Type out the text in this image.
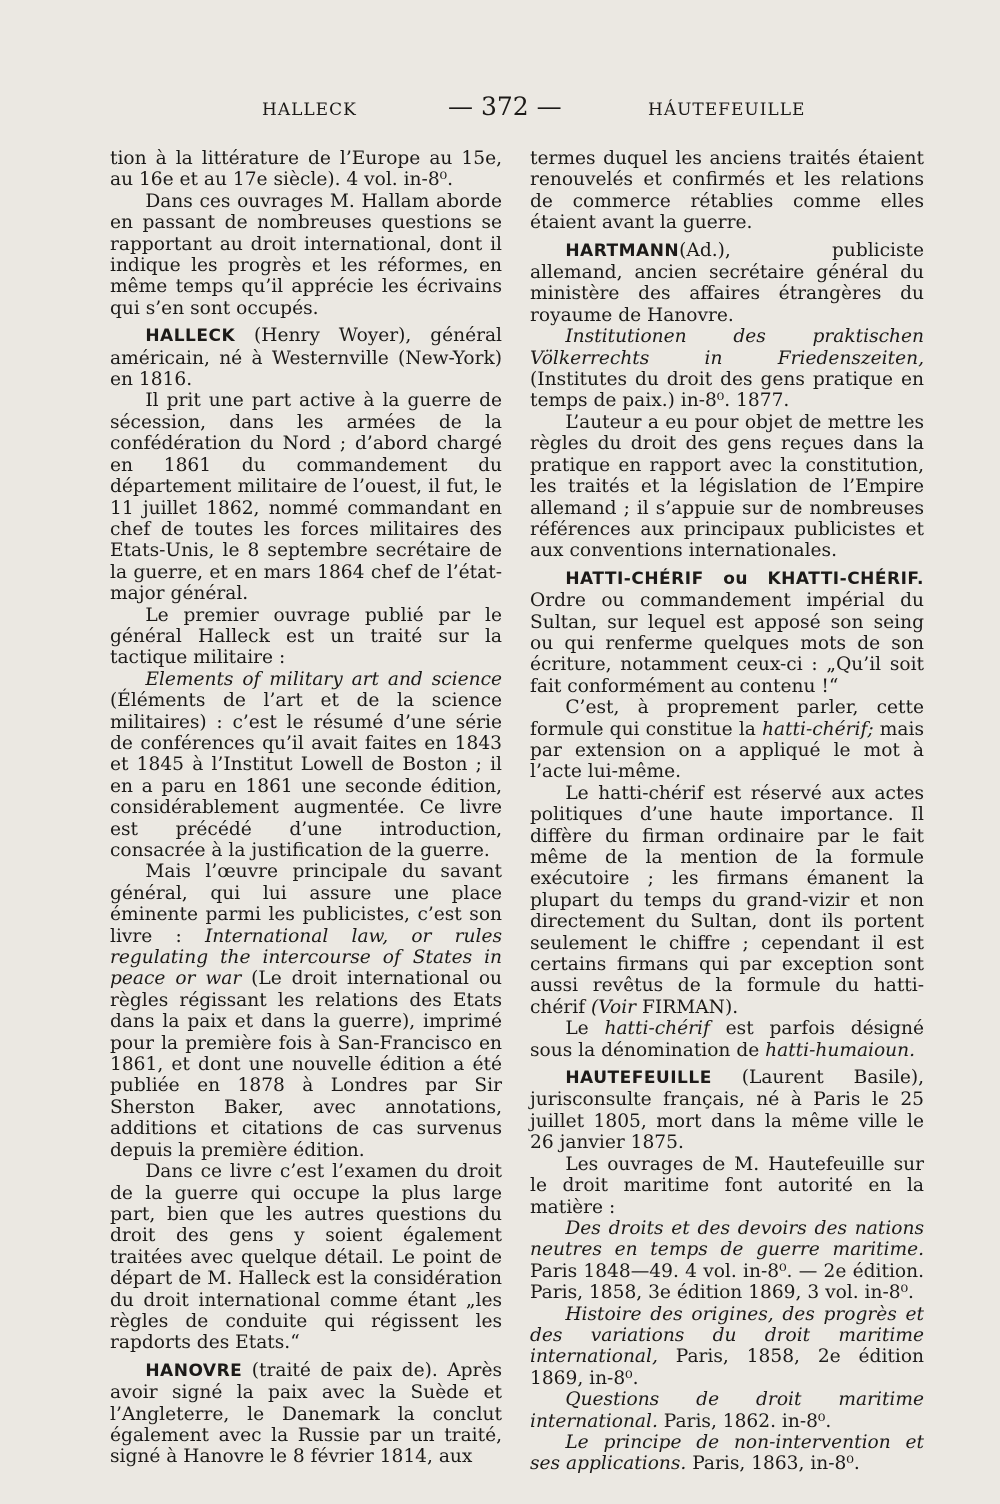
HALLECK	— 372 —	HÁUTEFEUILLE

tion à la littérature de l’Europe au 15e, au 16e et au 17e siècle). 4 vol. in-8⁰.

Dans ces ouvrages M. Hallam aborde en passant de nombreuses questions se rapportant au droit international, dont il indique les progrès et les réformes, en même temps qu’il apprécie les écrivains qui s’en sont occupés.

HALLECK (Henry Woyer), général américain, né à Westernville (New-York) en 1816.

Il prit une part active à la guerre de sécession, dans les armées de la confédération du Nord ; d’abord chargé en 1861 du commandement du département militaire de l’ouest, il fut, le 11 juillet 1862, nommé commandant en chef de toutes les forces militaires des Etats-Unis, le 8 septembre secrétaire de la guerre, et en mars 1864 chef de l’état-major général.

Le premier ouvrage publié par le général Halleck est un traité sur la tactique militaire :

Elements of military art and science (Éléments de l’art et de la science militaires) : c’est le résumé d’une série de conférences qu’il avait faites en 1843 et 1845 à l’Institut Lowell de Boston ; il en a paru en 1861 une seconde édition, considérablement augmentée. Ce livre est précédé d’une introduction, consacrée à la justification de la guerre.

Mais l’œuvre principale du savant général, qui lui assure une place éminente parmi les publicistes, c’est son livre : International law, or rules regulating the intercourse of States in peace or war (Le droit international ou règles régissant les relations des Etats dans la paix et dans la guerre), imprimé pour la première fois à San-Francisco en 1861, et dont une nouvelle édition a été publiée en 1878 à Londres par Sir Sherston Baker, avec annotations, additions et citations de cas survenus depuis la première édition.

Dans ce livre c’est l’examen du droit de la guerre qui occupe la plus large part, bien que les autres questions du droit des gens y soient également traitées avec quelque détail. Le point de départ de M. Halleck est la considération du droit international comme étant „les règles de conduite qui régissent les rapdorts des Etats.“

HANOVRE (traité de paix de). Après avoir signé la paix avec la Suède et l’Angleterre, le Danemark la conclut également avec la Russie par un traité, signé à Hanovre le 8 février 1814, aux

termes duquel les anciens traités étaient renouvelés et confirmés et les relations de commerce rétablies comme elles étaient avant la guerre.

HARTMANN(Ad.), publiciste allemand, ancien secrétaire général du ministère des affaires étrangères du royaume de Hanovre.

Institutionen des praktischen Völkerrechts in Friedenszeiten, (Institutes du droit des gens pratique en temps de paix.) in-8⁰. 1877.

L’auteur a eu pour objet de mettre les règles du droit des gens reçues dans la pratique en rapport avec la constitution, les traités et la législation de l’Empire allemand ; il s’appuie sur de nombreuses références aux principaux publicistes et aux conventions internationales.

HATTI-CHÉRIF ou KHATTI-CHÉRIF. Ordre ou commandement impérial du Sultan, sur lequel est apposé son seing ou qui renferme quelques mots de son écriture, notamment ceux-ci : „Qu’il soit fait conformément au contenu !“

C’est, à proprement parler, cette formule qui constitue la hatti-chérif; mais par extension on a appliqué le mot à l’acte lui-même.

Le hatti-chérif est réservé aux actes politiques d’une haute importance. Il diffère du firman ordinaire par le fait même de la mention de la formule exécutoire ; les firmans émanent la plupart du temps du grand-vizir et non directement du Sultan, dont ils portent seulement le chiffre ; cependant il est certains firmans qui par exception sont aussi revêtus de la formule du hatti-chérif (Voir FIRMAN).

Le hatti-chérif est parfois désigné sous la dénomination de hatti-humaioun.

HAUTEFEUILLE (Laurent Basile), jurisconsulte français, né à Paris le 25 juillet 1805, mort dans la même ville le 26 janvier 1875.

Les ouvrages de M. Hautefeuille sur le droit maritime font autorité en la matière :

Des droits et des devoirs des nations neutres en temps de guerre maritime. Paris 1848—49. 4 vol. in-8⁰. — 2e édition. Paris, 1858, 3e édition 1869, 3 vol. in-8⁰.

Histoire des origines, des progrès et des variations du droit maritime international, Paris, 1858, 2e édition 1869, in-8⁰.

Questions de droit maritime international. Paris, 1862. in-8⁰.

Le principe de non-intervention et ses applications. Paris, 1863, in-8⁰.
